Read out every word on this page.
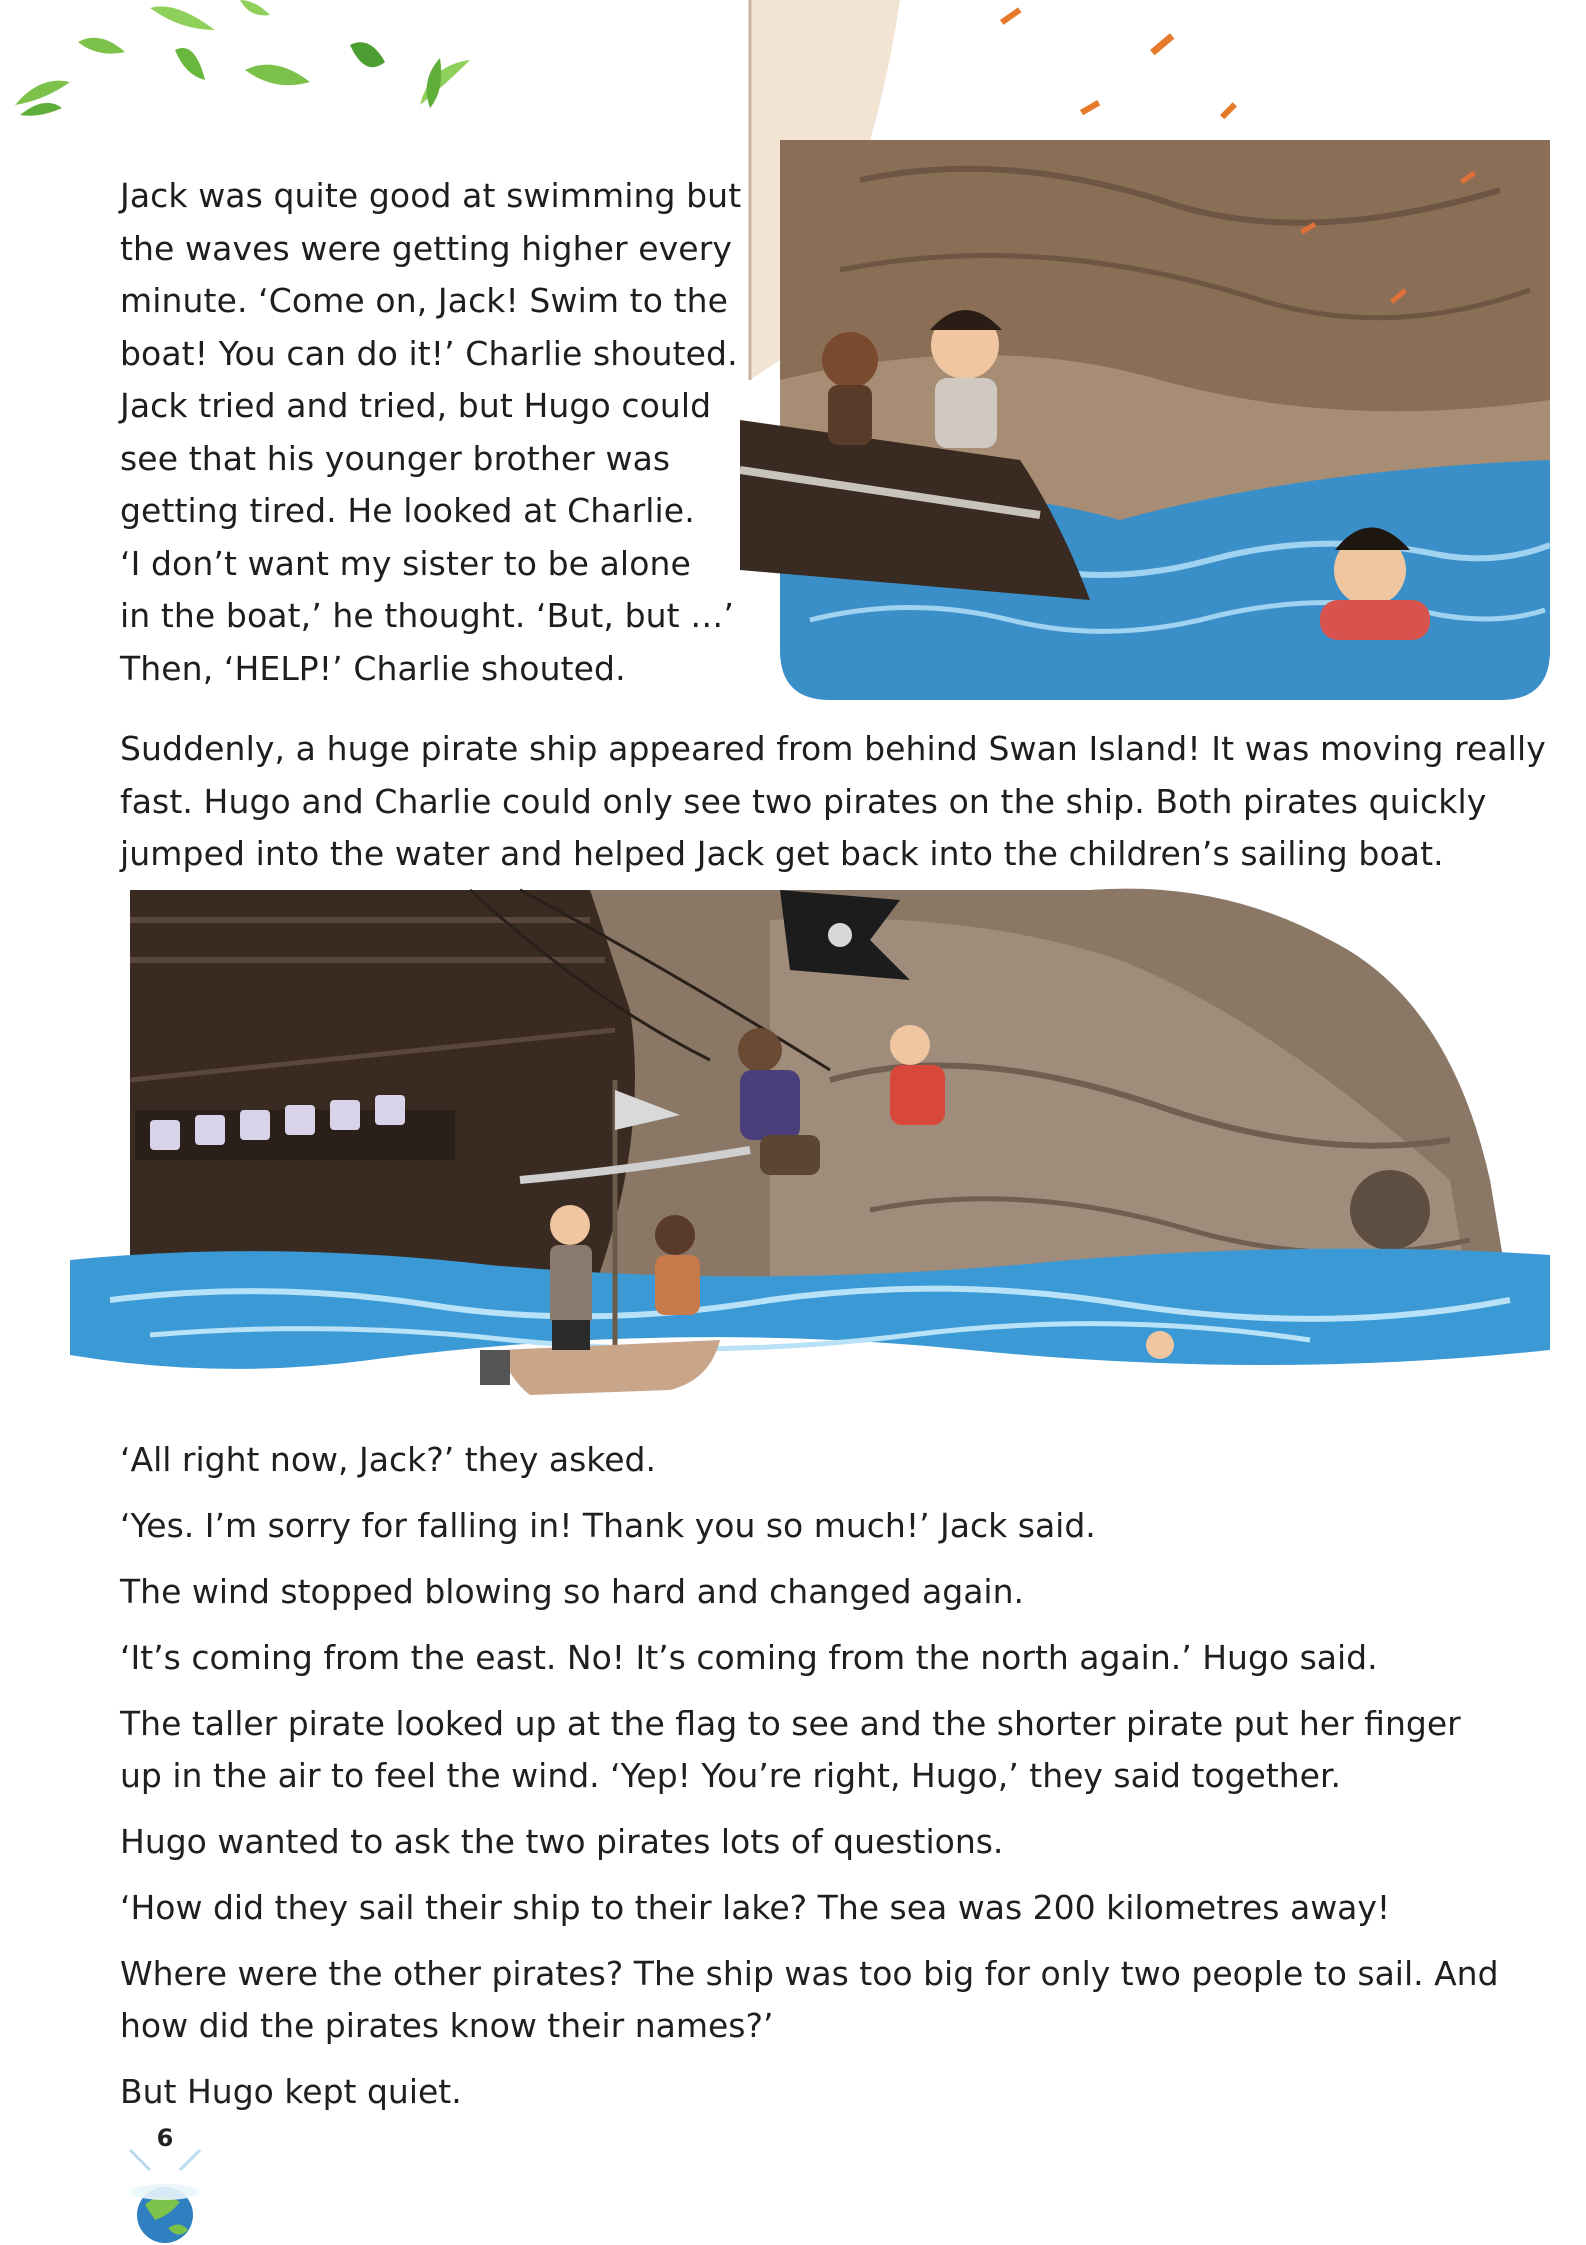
Jack was quite good at swimming but

the waves were getting higher every

minute. ‘Come on, Jack! Swim to the

boat! You can do it!’ Charlie shouted.

Jack tried and tried, but Hugo could

see that his younger brother was

getting tired. He looked at Charlie.

‘I don’t want my sister to be alone

in the boat,’ he thought. ‘But, but …’

Then, ‘HELP!’ Charlie shouted.

Suddenly, a huge pirate ship appeared from behind Swan Island! It was moving really

fast. Hugo and Charlie could only see two pirates on the ship. Both pirates quickly

jumped into the water and helped Jack get back into the children’s sailing boat.

‘All right now, Jack?’ they asked.

‘Yes. I’m sorry for falling in! Thank you so much!’ Jack said.

The wind stopped blowing so hard and changed again.

‘It’s coming from the east. No! It’s coming from the north again.’ Hugo said.

The taller pirate looked up at the flag to see and the shorter pirate put her finger
up in the air to feel the wind. ‘Yep! You’re right, Hugo,’ they said together.

Hugo wanted to ask the two pirates lots of questions.

‘How did they sail their ship to their lake? The sea was 200 kilometres away!

Where were the other pirates? The ship was too big for only two people to sail. And
how did the pirates know their names?’

But Hugo kept quiet.

6
